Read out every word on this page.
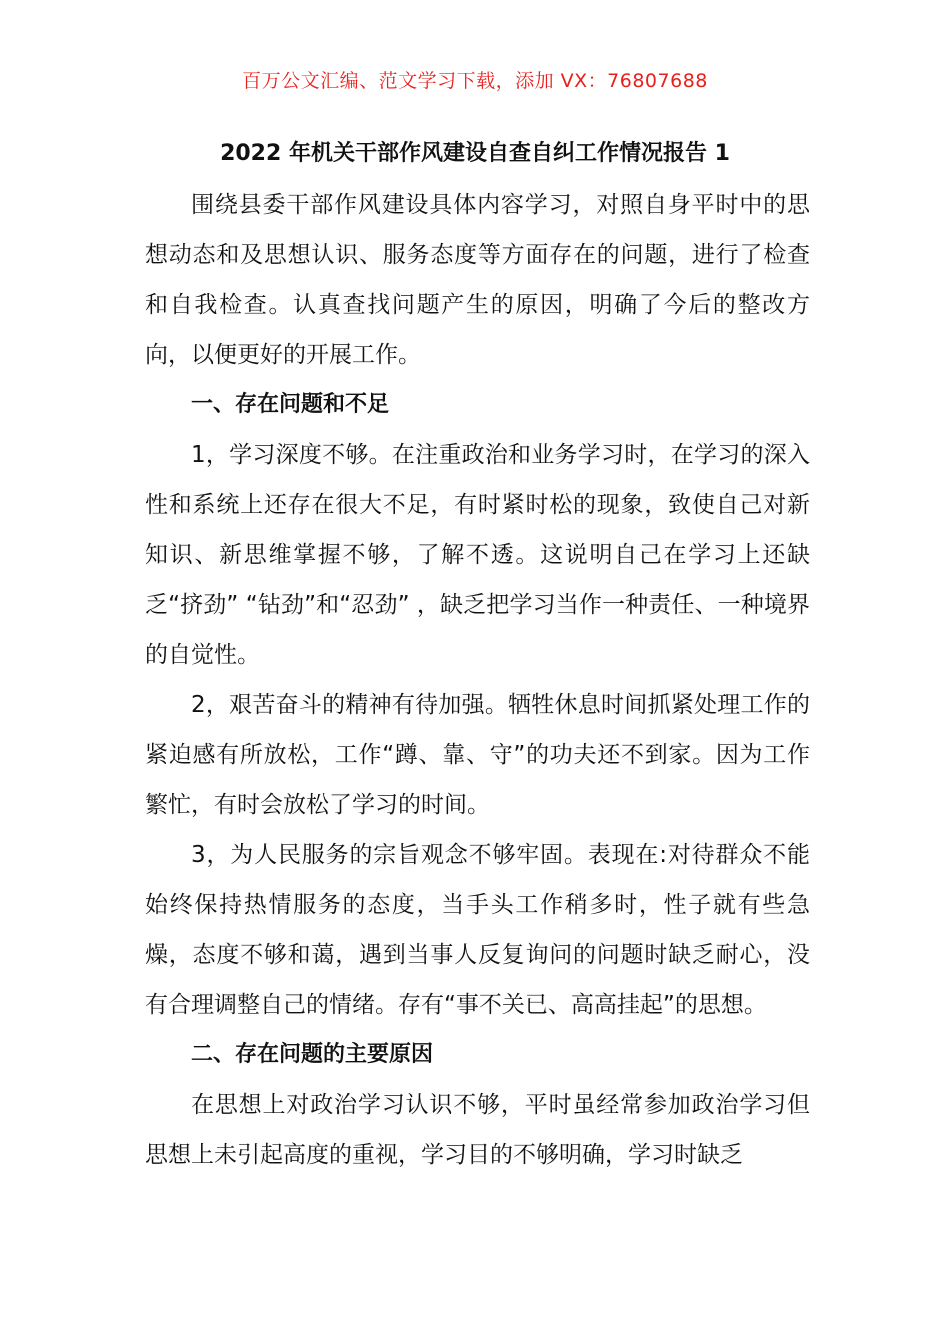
百万公文汇编、范文学习下载，添加 VX：76807688
2022 年机关干部作风建设自查自纠工作情况报告 1

围绕县委干部作风建设具体内容学习，对照自身平时中的思想动态和及思想认识、服务态度等方面存在的问题，进行了检查和自我检查。认真查找问题产生的原因，明确了今后的整改方向，以便更好的开展工作。

一、存在问题和不足

1，学习深度不够。在注重政治和业务学习时，在学习的深入性和系统上还存在很大不足，有时紧时松的现象，致使自己对新知识、新思维掌握不够，了解不透。这说明自己在学习上还缺乏“挤劲” “钻劲”和“忍劲” ，缺乏把学习当作一种责任、一种境界的自觉性。

2，艰苦奋斗的精神有待加强。牺牲休息时间抓紧处理工作的紧迫感有所放松，工作“蹲、靠、守”的功夫还不到家。因为工作繁忙，有时会放松了学习的时间。

3，为人民服务的宗旨观念不够牢固。表现在:对待群众不能始终保持热情服务的态度，当手头工作稍多时，性子就有些急燥，态度不够和蔼，遇到当事人反复询问的问题时缺乏耐心，没有合理调整自己的情绪。存有“事不关已、高高挂起”的思想。

二、存在问题的主要原因

在思想上对政治学习认识不够，平时虽经常参加政治学习但思想上未引起高度的重视，学习目的不够明确，学习时缺乏
